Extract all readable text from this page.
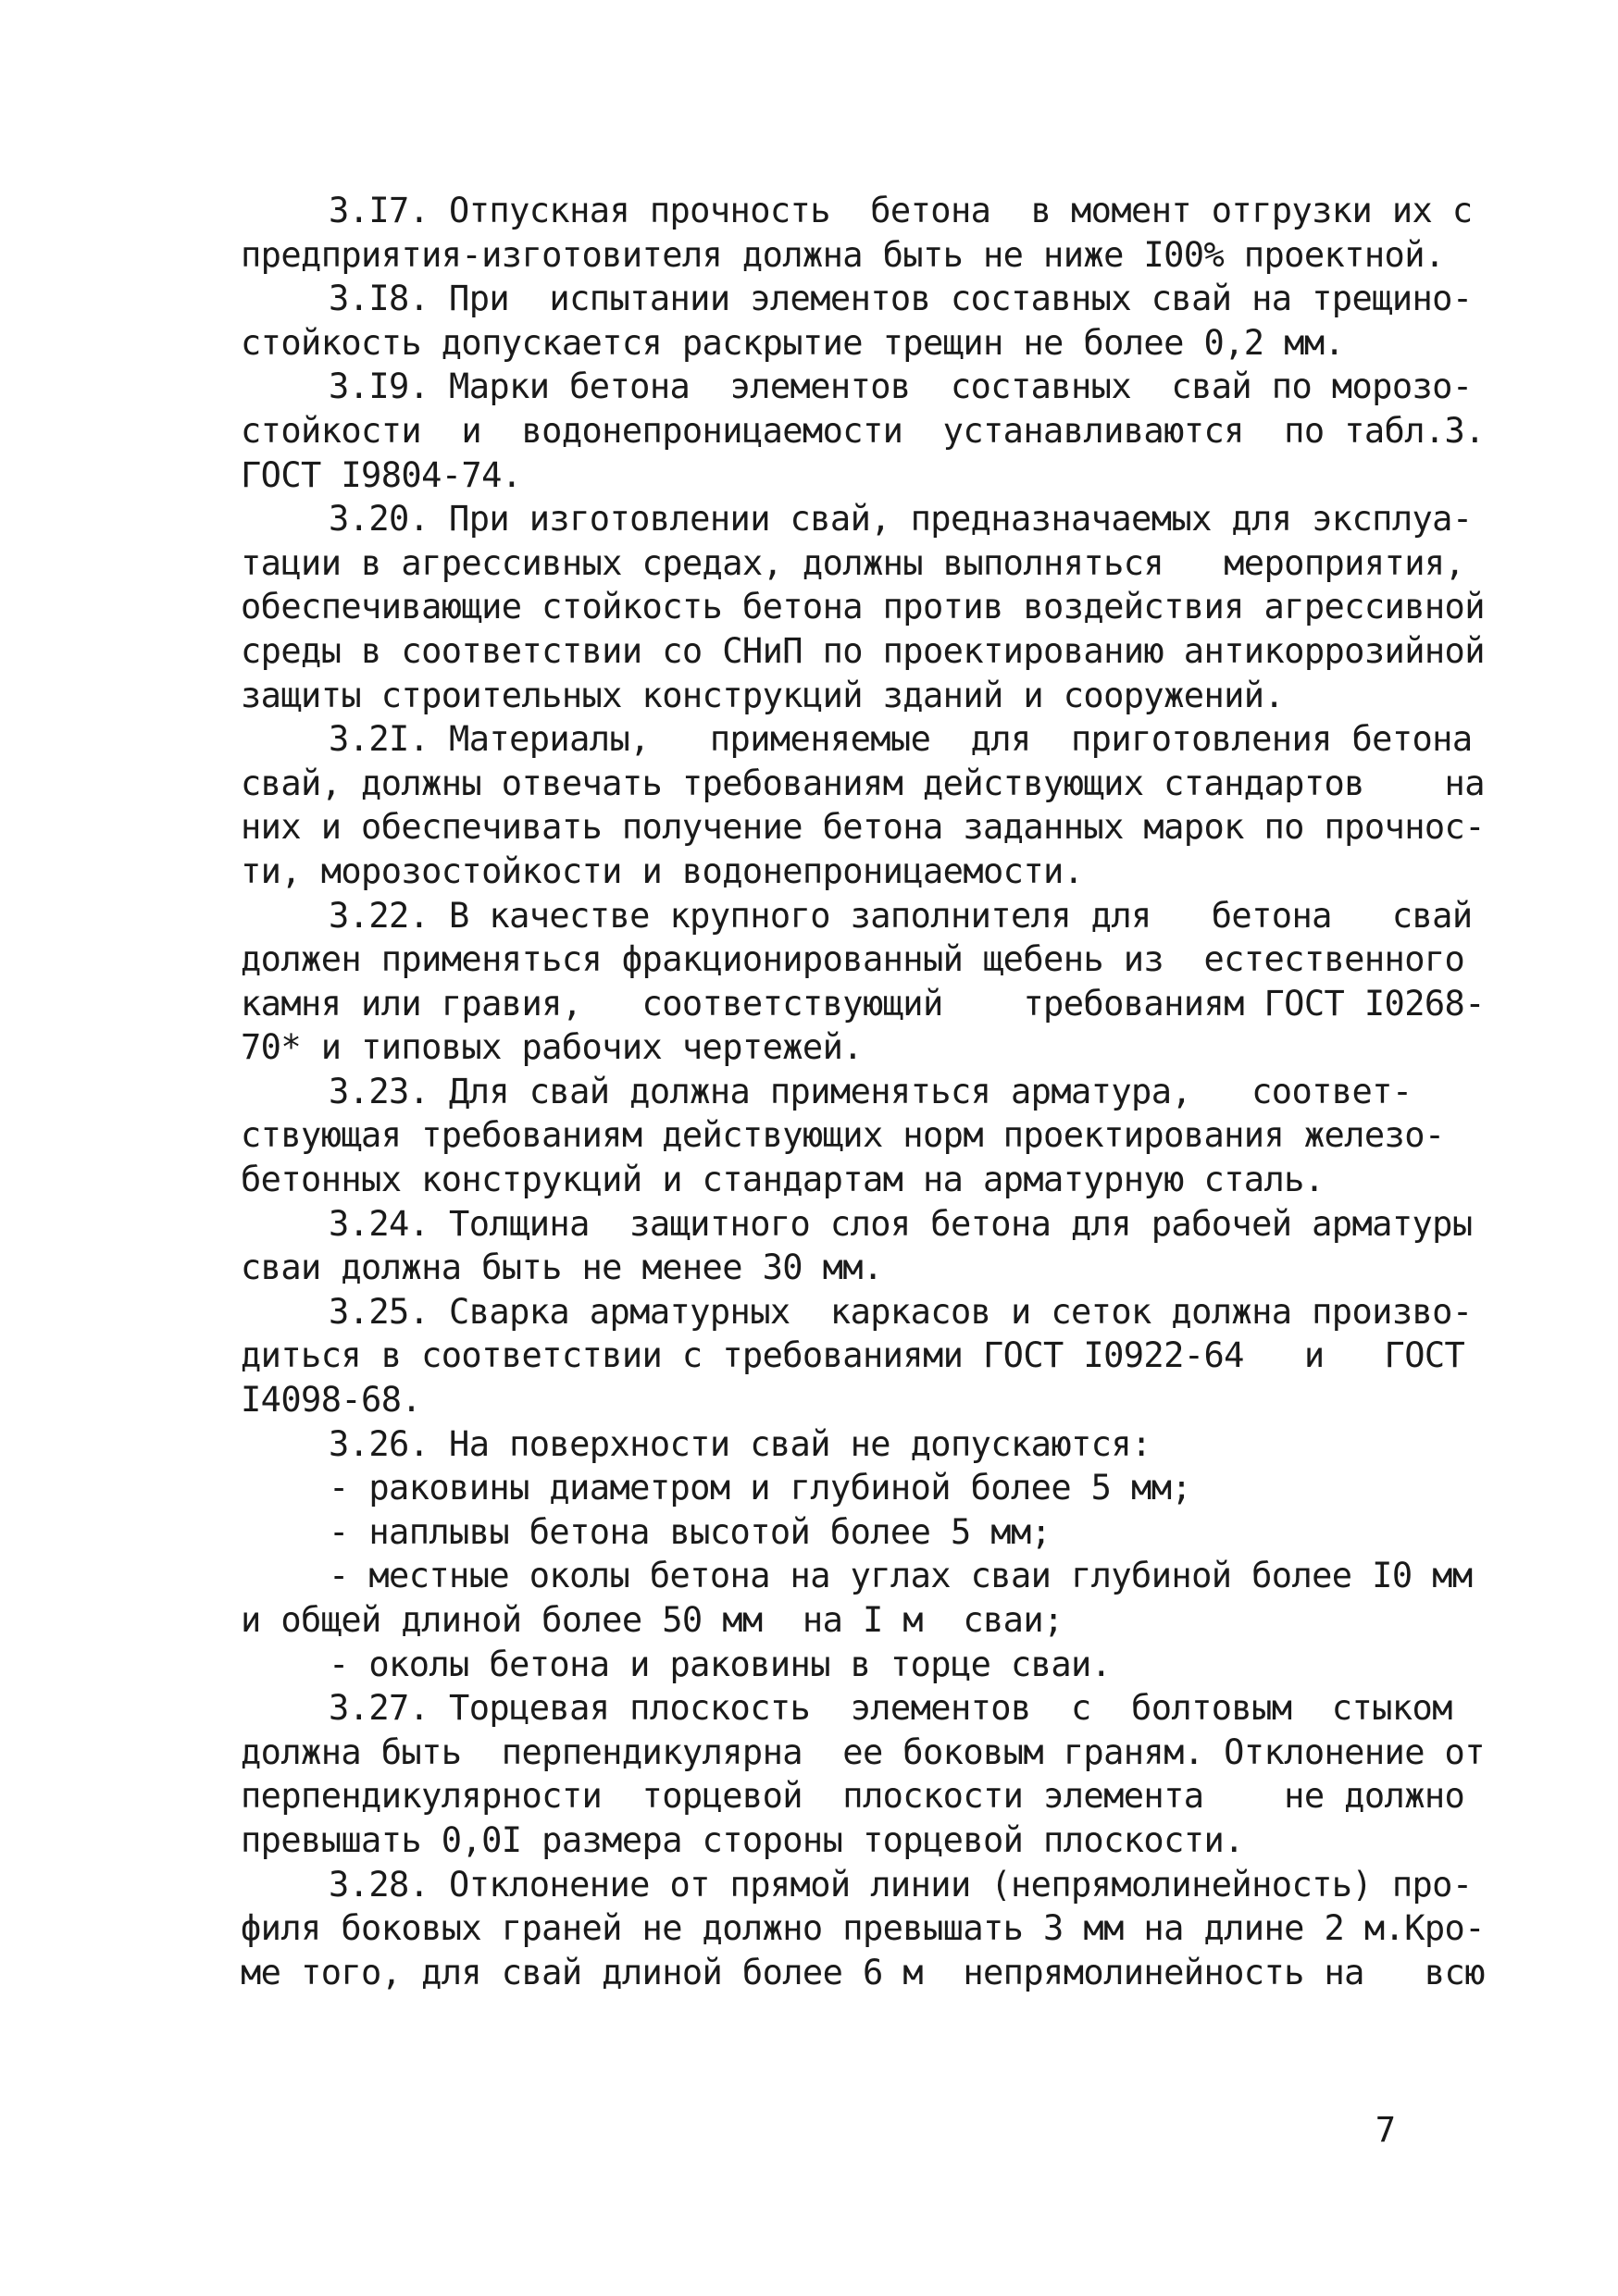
3.I7. Отпускная прочность  бетона  в момент отгрузки их с
предприятия-изготовителя должна быть не ниже I00% проектной.
3.I8. При  испытании элементов составных свай на трещино-
стойкость допускается раскрытие трещин не более 0,2 мм.
3.I9. Марки бетона  элементов  составных  свай по морозо-
стойкости  и  водонепроницаемости  устанавливаются  по табл.3.
ГОСТ I9804-74.
3.20. При изготовлении свай, предназначаемых для эксплуа-
тации в агрессивных средах, должны выполняться   мероприятия,
обеспечивающие стойкость бетона против воздействия агрессивной
среды в соответствии со СНиП по проектированию антикоррозийной
защиты строительных конструкций зданий и сооружений.
3.2I. Материалы,   применяемые  для  приготовления бетона
свай, должны отвечать требованиям действующих стандартов    на
них и обеспечивать получение бетона заданных марок по прочнос-
ти, морозостойкости и водонепроницаемости.
3.22. В качестве крупного заполнителя для   бетона   свай
должен применяться фракционированный щебень из  естественного
камня или гравия,   соответствующий    требованиям ГОСТ I0268-
70* и типовых рабочих чертежей.
3.23. Для свай должна применяться арматура,   соответ-
ствующая требованиям действующих норм проектирования железо-
бетонных конструкций и стандартам на арматурную сталь.
3.24. Толщина  защитного слоя бетона для рабочей арматуры
сваи должна быть не менее 30 мм.
3.25. Сварка арматурных  каркасов и сеток должна произво-
диться в соответствии с требованиями ГОСТ I0922-64   и   ГОСТ
I4098-68.
3.26. На поверхности свай не допускаются:
- раковины диаметром и глубиной более 5 мм;
- наплывы бетона высотой более 5 мм;
- местные околы бетона на углах сваи глубиной более I0 мм
и общей длиной более 50 мм  на I м  сваи;
- околы бетона и раковины в торце сваи.
3.27. Торцевая плоскость  элементов  с  болтовым  стыком
должна быть  перпендикулярна  ее боковым граням. Отклонение от
перпендикулярности  торцевой  плоскости элемента    не должно
превышать 0,0I размера стороны торцевой плоскости.
3.28. Отклонение от прямой линии (непрямолинейность) про-
филя боковых граней не должно превышать 3 мм на длине 2 м.Кро-
ме того, для свай длиной более 6 м  непрямолинейность на   всю
7
